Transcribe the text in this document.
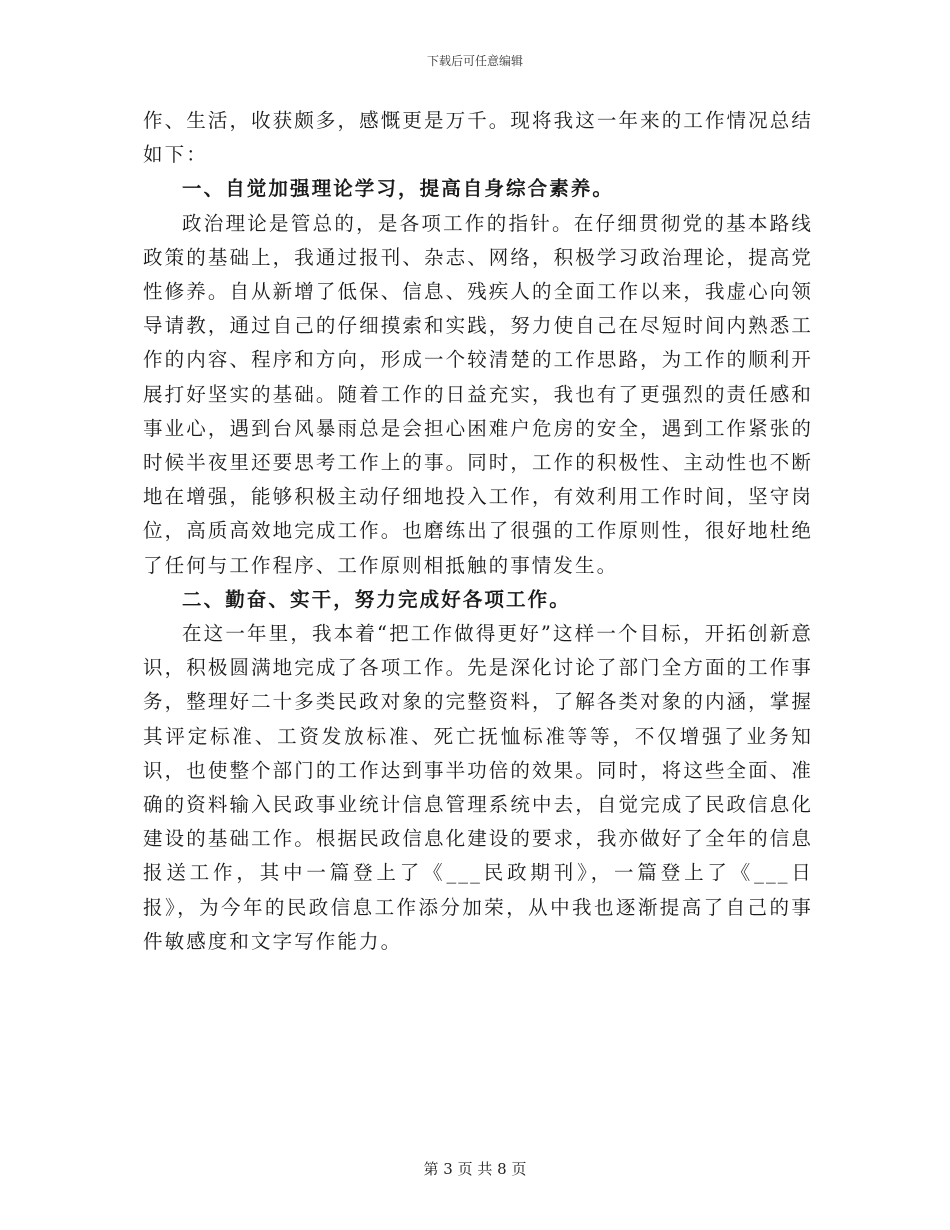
下载后可任意编辑

作、生活，收获颇多，感慨更是万千。现将我这一年来的工作情况总结如下：

一、自觉加强理论学习，提高自身综合素养。

政治理论是管总的，是各项工作的指针。在仔细贯彻党的基本路线政策的基础上，我通过报刊、杂志、网络，积极学习政治理论，提高党性修养。自从新增了低保、信息、残疾人的全面工作以来，我虚心向领导请教，通过自己的仔细摸索和实践，努力使自己在尽短时间内熟悉工作的内容、程序和方向，形成一个较清楚的工作思路，为工作的顺利开展打好坚实的基础。随着工作的日益充实，我也有了更强烈的责任感和事业心，遇到台风暴雨总是会担心困难户危房的安全，遇到工作紧张的时候半夜里还要思考工作上的事。同时，工作的积极性、主动性也不断地在增强，能够积极主动仔细地投入工作，有效利用工作时间，坚守岗位，高质高效地完成工作。也磨练出了很强的工作原则性，很好地杜绝了任何与工作程序、工作原则相抵触的事情发生。

二、勤奋、实干，努力完成好各项工作。

在这一年里，我本着“把工作做得更好”这样一个目标，开拓创新意识，积极圆满地完成了各项工作。先是深化讨论了部门全方面的工作事务，整理好二十多类民政对象的完整资料，了解各类对象的内涵，掌握其评定标准、工资发放标准、死亡抚恤标准等等，不仅增强了业务知识，也使整个部门的工作达到事半功倍的效果。同时，将这些全面、准确的资料输入民政事业统计信息管理系统中去，自觉完成了民政信息化建设的基础工作。根据民政信息化建设的要求，我亦做好了全年的信息报送工作，其中一篇登上了《___民政期刊》，一篇登上了《___日报》，为今年的民政信息工作添分加荣，从中我也逐渐提高了自己的事件敏感度和文字写作能力。

第 3 页 共 8 页
